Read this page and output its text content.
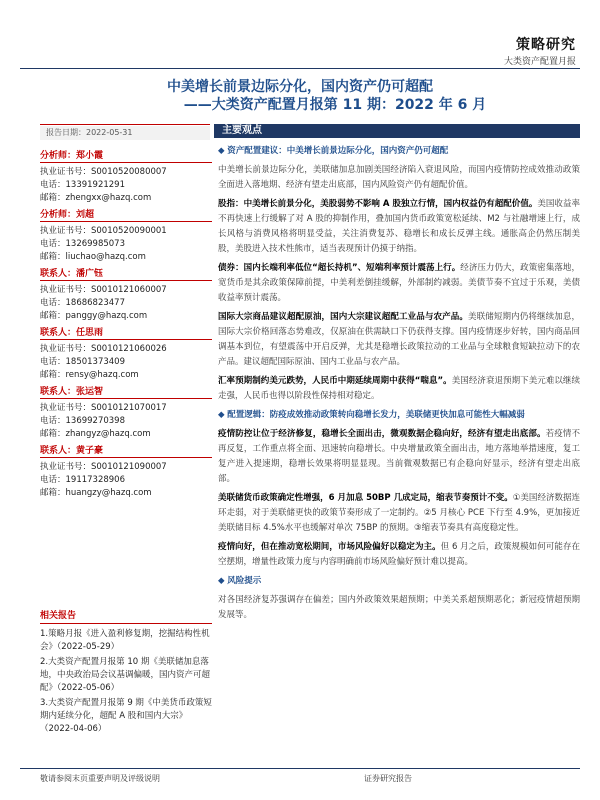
策略研究
大类资产配置月报
中美增长前景边际分化，国内资产仍可超配
——大类资产配置月报第 11 期：2022 年 6 月
报告日期：2022-05-31
分析师：郑小霞
执业证书号：S0010520080007
电话：13391921291
邮箱：zhengxx@hazq.com
分析师：刘超
执业证书号：S0010520090001
电话：13269985073
邮箱：liuchao@hazq.com
联系人：潘广钰
执业证书号：S0010121060007
电话：18686823477
邮箱：panggy@hazq.com
联系人：任思雨
执业证书号：S0010121060026
电话：18501373409
邮箱：rensy@hazq.com
联系人：张运智
执业证书号：S0010121070017
电话：13699270398
邮箱：zhangyz@hazq.com
联系人：黄子豪
执业证书号：S0010121090007
电话：19117328906
邮箱：huangzy@hazq.com
相关报告
1.策略月报《进入盈利修复期，挖掘结构性机会》（2022-05-29）
2.大类资产配置月报第 10 期《美联储加息落地，中央政治局会议基调偏暖，国内资产可超配》（2022-05-06）
3.大类资产配置月报第 9 期《中美货币政策短期内延续分化，超配 A 股和国内大宗》（2022-04-06）
主要观点

◆ 资产配置建议：中美增长前景边际分化，国内资产仍可超配

中美增长前景边际分化，美联储加息加剧美国经济陷入衰退风险，而国内疫情防控成效推动政策全面进入落地期、经济有望走出底部，国内风险资产仍有超配价值。

股指：中美增长前景分化，美股弱势不影响 A 股独立行情，国内权益仍有超配价值。美国收益率不再快速上行缓解了对 A 股的抑制作用，叠加国内货币政策宽松延续、M2 与社融增速上行，成长风格与消费风格将明显受益，关注消费复苏、稳增长和成长反弹主线。通胀高企仍然压制美股，美股进入技术性熊市，适当表现预计仍摸于纳指。

债券：国内长端利率低位“超长持机”、短端利率预计震荡上行。经济压力仍大，政策密集落地，宽货币是其余政策保障前提，中美利差倒挂缓解，外部制约减弱。美债节奏不宜过于乐观，美债收益率预计震荡。

国际大宗商品建议超配原油，国内大宗建议超配工业品与农产品。美联储短期内仍将继续加息，国际大宗价格回落态势难改，仅原油在供需缺口下仍获得支撑。国内疫情逐步好转，国内商品回调基本到位，有望震荡中开启反弹，尤其是稳增长政策拉动的工业品与全球粮食短缺拉动下的农产品。建议超配国际原油、国内工业品与农产品。

汇率预期制约美元跌势，人民币中期延续周期中获得“喘息”。美国经济衰退预期下美元难以继续走强，人民币也得以阶段性保持相对稳定。

◆ 配置逻辑：防疫成效推动政策转向稳增长发力，美联储更快加息可能性大幅减弱

疫情防控让位于经济修复，稳增长全面出击，微观数据企稳向好，经济有望走出底部。若疫情不再反复，工作重点将全面、迅速转向稳增长。中央增量政策全面出击，地方落地举措速度，复工复产进入提速期，稳增长效果将明显显现。当前微观数据已有企稳向好显示，经济有望走出底部。

美联储货币政策确定性增强，6 月加息 50BP 几成定局，缩表节奏预计不变。①美国经济数据连环走弱，对于美联储更快的政策节奏形成了一定制约。②5 月核心 PCE 下行至 4.9%，更加接近美联储目标 4.5%水平也缓解对单次 75BP 的预期。③缩表节奏具有高度稳定性。

疫情向好，但在推动宽松期间，市场风险偏好以稳定为主。但 6 月之后，政策规模如何可能存在空摆期，增量性政策力度与内容明确前市场风险偏好预计难以提高。

◆ 风险提示

对各国经济复苏强调存在偏差；国内外政策效果超预期；中美关系超预期恶化；新冠疫情超预期发展等。

敬请参阅末页重要声明及评级说明	证券研究报告
